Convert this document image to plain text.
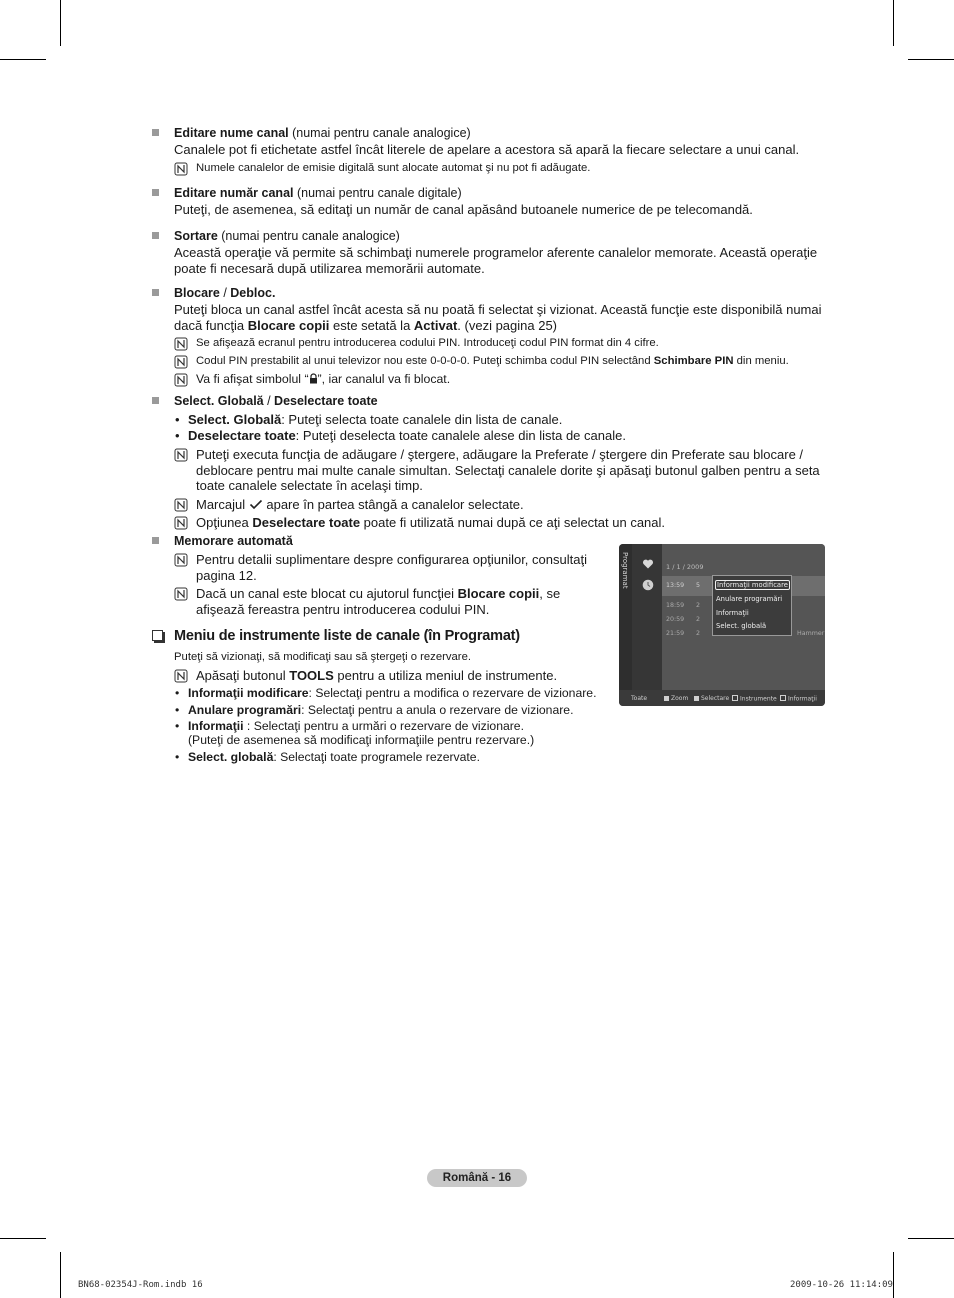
Editare nume canal (numai pentru canale analogice)
Canalele pot fi etichetate astfel încât literele de apelare a acestora să apară la fiecare selectare a unui canal.
Numele canalelor de emisie digitală sunt alocate automat şi nu pot fi adăugate.
Editare număr canal (numai pentru canale digitale)
Puteţi, de asemenea, să editaţi un număr de canal apăsând butoanele numerice de pe telecomandă.
Sortare (numai pentru canale analogice)
Această operaţie vă permite să schimbaţi numerele programelor aferente canalelor memorate. Această operaţie poate fi necesară după utilizarea memorării automate.
Blocare / Debloc.
Puteţi bloca un canal astfel încât acesta să nu poată fi selectat şi vizionat. Această funcţie este disponibilă numai dacă funcţia Blocare copii este setată la Activat. (vezi pagina 25)
Se afişează ecranul pentru introducerea codului PIN. Introduceţi codul PIN format din 4 cifre.
Codul PIN prestabilit al unui televizor nou este 0-0-0-0. Puteţi schimba codul PIN selectând Schimbare PIN din meniu.
Va fi afişat simbolul “ ”, iar canalul va fi blocat.
Select. Globală / Deselectare toate
• Select. Globală: Puteţi selecta toate canalele din lista de canale.
• Deselectare toate: Puteţi deselecta toate canalele alese din lista de canale.
Puteţi executa funcţia de adăugare / ştergere, adăugare la Preferate / ştergere din Preferate sau blocare / deblocare pentru mai multe canale simultan. Selectaţi canalele dorite şi apăsaţi butonul galben pentru a seta toate canalele selectate în acelaşi timp.
Marcajul  apare în partea stângă a canalelor selectate.
Opţiunea Deselectare toate poate fi utilizată numai după ce aţi selectat un canal.
Memorare automată
Pentru detalii suplimentare despre configurarea opţiunilor, consultaţi pagina 12.
Dacă un canal este blocat cu ajutorul funcţiei Blocare copii, se afişează fereastra pentru introducerea codului PIN.
Meniu de instrumente liste de canale (în Programat)
Puteţi să vizionaţi, să modificaţi sau să ştergeţi o rezervare.
Apăsaţi butonul TOOLS pentru a utiliza meniul de instrumente.
• Informaţii modificare: Selectaţi pentru a modifica o rezervare de vizionare.
• Anulare programări: Selectaţi pentru a anula o rezervare de vizionare.
• Informaţii : Selectaţi pentru a urmări o rezervare de vizionare.
(Puteţi de asemenea să modificaţi informaţiile pentru rezervare.)
• Select. globală: Selectaţi toate programele rezervate.
Programat	1 / 1 / 2009
13:59 5
18:59 2
20:59 2
21:59 2	Hammer
Informaţii modificare
Anulare programări
Informaţii
Select. globală
Toate	Zoom	Selectare	Instrumente	Informaţii
Română - 16
BN68-02354J-Rom.indb 16	2009-10-26 11:14:09
